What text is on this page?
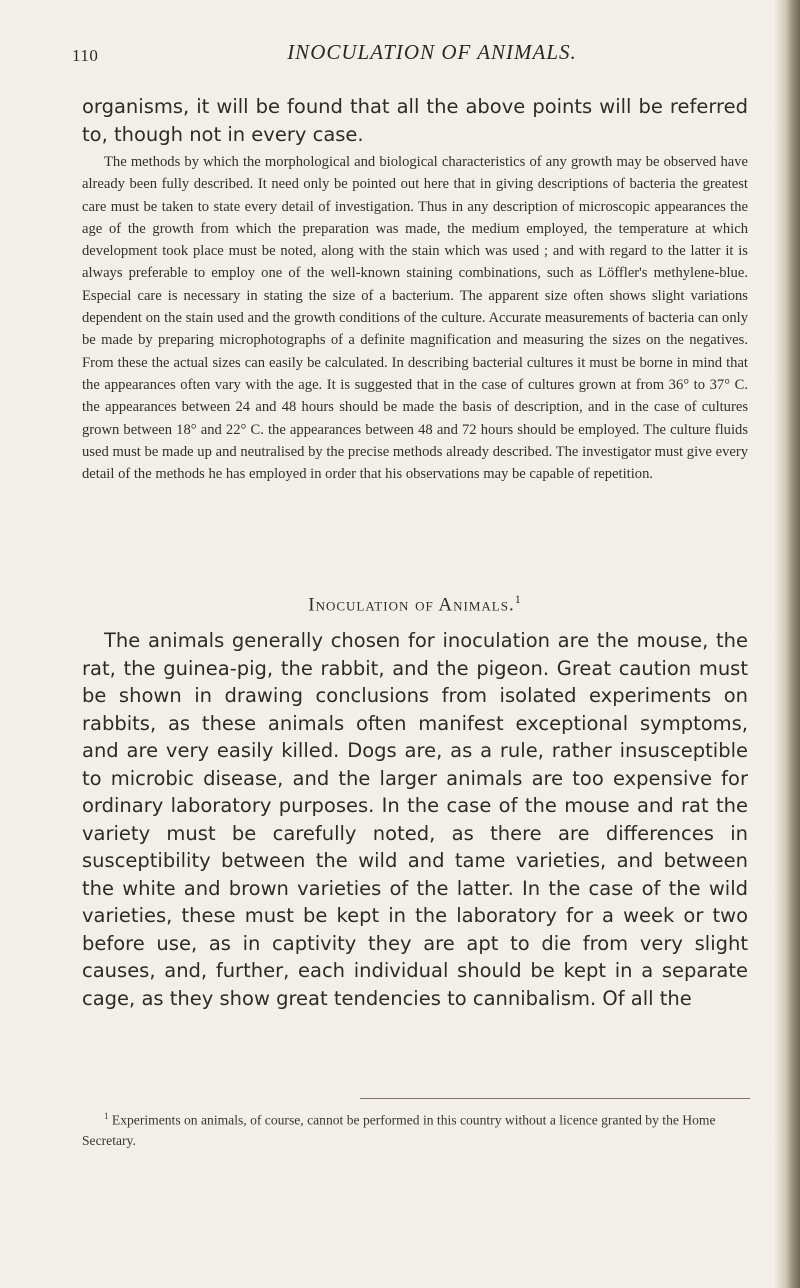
110	INOCULATION OF ANIMALS.

organisms, it will be found that all the above points will be referred to, though not in every case.

The methods by which the morphological and biological characteristics of any growth may be observed have already been fully described. It need only be pointed out here that in giving descriptions of bacteria the greatest care must be taken to state every detail of investigation. Thus in any description of microscopic appearances the age of the growth from which the preparation was made, the medium employed, the temperature at which development took place must be noted, along with the stain which was used ; and with regard to the latter it is always preferable to employ one of the well-known staining combinations, such as Löffler's methylene-blue. Especial care is necessary in stating the size of a bacterium. The apparent size often shows slight variations dependent on the stain used and the growth conditions of the culture. Accurate measurements of bacteria can only be made by preparing microphotographs of a definite magnification and measuring the sizes on the negatives. From these the actual sizes can easily be calculated. In describing bacterial cultures it must be borne in mind that the appearances often vary with the age. It is suggested that in the case of cultures grown at from 36° to 37° C. the appearances between 24 and 48 hours should be made the basis of description, and in the case of cultures grown between 18° and 22° C. the appearances between 48 and 72 hours should be employed. The culture fluids used must be made up and neutralised by the precise methods already described. The investigator must give every detail of the methods he has employed in order that his observations may be capable of repetition.

Inoculation of Animals.$^1$

The animals generally chosen for inoculation are the mouse, the rat, the guinea-pig, the rabbit, and the pigeon. Great caution must be shown in drawing conclusions from isolated experiments on rabbits, as these animals often manifest exceptional symptoms, and are very easily killed. Dogs are, as a rule, rather insusceptible to microbic disease, and the larger animals are too expensive for ordinary laboratory purposes. In the case of the mouse and rat the variety must be carefully noted, as there are differences in susceptibility between the wild and tame varieties, and between the white and brown varieties of the latter. In the case of the wild varieties, these must be kept in the laboratory for a week or two before use, as in captivity they are apt to die from very slight causes, and, further, each individual should be kept in a separate cage, as they show great tendencies to cannibalism. Of all the

$^1$ Experiments on animals, of course, cannot be performed in this country without a licence granted by the Home Secretary.
